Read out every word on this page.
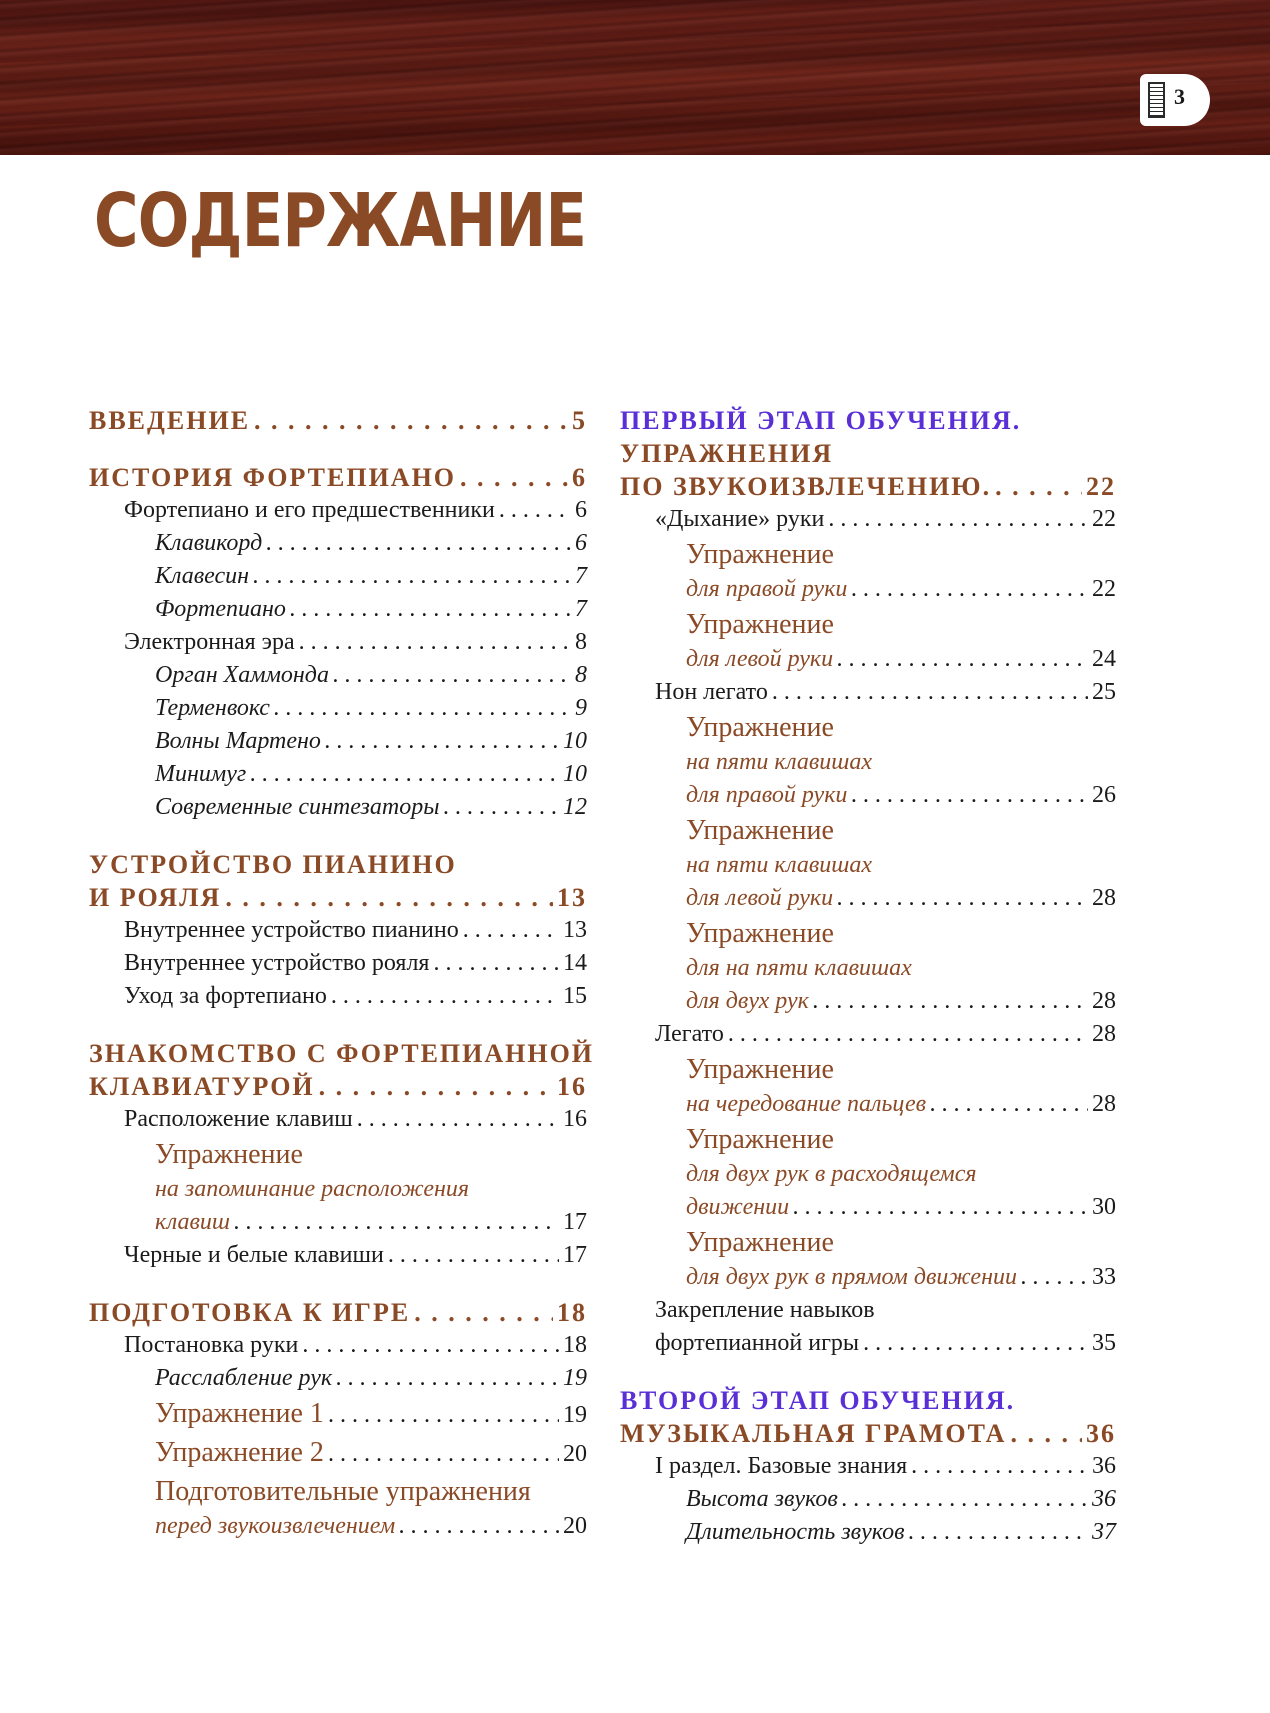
3
СОДЕРЖАНИЕ
ВВЕДЕНИЕ . . .	5
ИСТОРИЯ ФОРТЕПИАНО . . .	6
Фортепиано и его предшественники . . .	6
Клавикорд . . .	6
Клавесин . . .	7
Фортепиано . . .	7
Электронная эра . . .	8
Орган Хаммонда . . .	8
Терменвокс . . .	9
Волны Мартено . . .	10
Минимуг . . .	10
Современные синтезаторы . . .	12
УСТРОЙСТВО ПИАНИНО
И РОЯЛЯ . . .	13
Внутреннее устройство пианино . . .	13
Внутреннее устройство рояля . . .	14
Уход за фортепиано . . .	15
ЗНАКОМСТВО С ФОРТЕПИАННОЙ
КЛАВИАТУРОЙ . . .	16
Расположение клавиш . . .	16
Упражнение
на запоминание расположения
клавиш . . .	17
Черные и белые клавиши . . .	17
ПОДГОТОВКА К ИГРЕ . . .	18
Постановка руки . . .	18
Расслабление рук . . .	19
Упражнение 1 . . .	19
Упражнение 2 . . .	20
Подготовительные упражнения
перед звукоизвлечением . . .	20
ПЕРВЫЙ ЭТАП ОБУЧЕНИЯ.
УПРАЖНЕНИЯ
ПО ЗВУКОИЗВЛЕЧЕНИЮ. . . .	22
«Дыхание» руки . . .	22
Упражнение
для правой руки . . .	22
Упражнение
для левой руки . . .	24
Нон легато . . .	25
Упражнение
на пяти клавишах
для правой руки . . .	26
Упражнение
на пяти клавишах
для левой руки . . .	28
Упражнение
для на пяти клавишах
для двух рук . . .	28
Легато . . .	28
Упражнение
на чередование пальцев . . .	28
Упражнение
для двух рук в расходящемся
движении . . .	30
Упражнение
для двух рук в прямом движении . . .	33
Закрепление навыков
фортепианной игры . . .	35
ВТОРОЙ ЭТАП ОБУЧЕНИЯ.
МУЗЫКАЛЬНАЯ ГРАМОТА . . .	36
I раздел. Базовые знания . . .	36
Высота звуков . . .	36
Длительность звуков . . .	37
